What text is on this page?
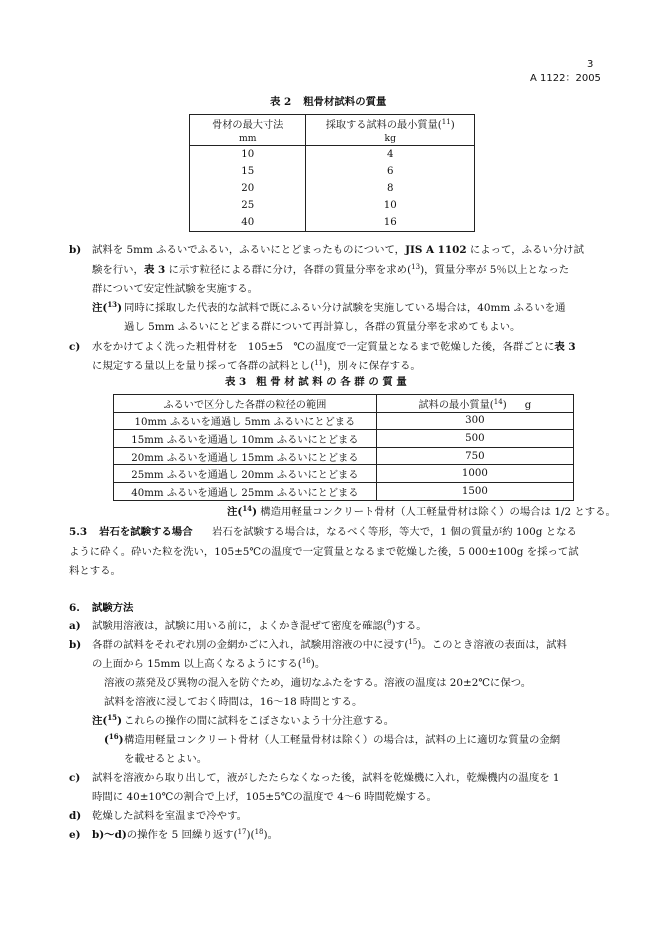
3
A 1122：2005
表 2 粗骨材試料の質量
骨材の最大寸法	採取する試料の最小質量($^{11}$)
mm	kg
10	4
15	6
20	8
25	10
40	16
b) 試料を 5mm ふるいでふるい，ふるいにとどまったものについて，JIS A 1102 によって，ふるい分け試
験を行い，表 3 に示す粒径による群に分け，各群の質量分率を求め($^{13}$)，質量分率が 5％以上となった
群について安定性試験を実施する。
注($^{13}$) 同時に採取した代表的な試料で既にふるい分け試験を実施している場合は，40mm ふるいを通
過し 5mm ふるいにとどまる群について再計算し，各群の質量分率を求めてもよい。
c) 水をかけてよく洗った粗骨材を　105±5　℃の温度で一定質量となるまで乾燥した後，各群ごとに表 3
に規定する量以上を量り採って各群の試料とし($^{11}$)，別々に保存する。
表 3 粗 骨 材 試 料 の 各 群 の 質 量
ふるいで区分した各群の粒径の範囲	試料の最小質量($^{14}$) g
10mm ふるいを通過し 5mm ふるいにとどまる	300
15mm ふるいを通過し 10mm ふるいにとどまる	500
20mm ふるいを通過し 15mm ふるいにとどまる	750
25mm ふるいを通過し 20mm ふるいにとどまる	1000
40mm ふるいを通過し 25mm ふるいにとどまる	1500
注($^{14}$) 構造用軽量コンクリート骨材（人工軽量骨材は除く）の場合は 1/2 とする。
5.3 岩石を試験する場合 岩石を試験する場合は，なるべく等形，等大で，1 個の質量が約 100g となる
ように砕く。砕いた粒を洗い，105±5℃の温度で一定質量となるまで乾燥した後，5 000±100g を採って試
料とする。
6. 試験方法
a) 試験用溶液は，試験に用いる前に，よくかき混ぜて密度を確認($^9$)する。
b) 各群の試料をそれぞれ別の金網かごに入れ，試験用溶液の中に浸す($^{15}$)。このとき溶液の表面は，試料
の上面から 15mm 以上高くなるようにする($^{16}$)。
溶液の蒸発及び異物の混入を防ぐため，適切なふたをする。溶液の温度は 20±2℃に保つ。
試料を溶液に浸しておく時間は，16～18 時間とする。
注($^{15}$) これらの操作の間に試料をこぼさないよう十分注意する。
($^{16}$) 構造用軽量コンクリート骨材（人工軽量骨材は除く）の場合は，試料の上に適切な質量の金網
を載せるとよい。
c) 試料を溶液から取り出して，液がしたたらなくなった後，試料を乾燥機に入れ，乾燥機内の温度を 1
時間に 40±10℃の割合で上げ，105±5℃の温度で 4～6 時間乾燥する。
d) 乾燥した試料を室温まで冷やす。
e) b)～d)の操作を 5 回繰り返す($^{17}$)($^{18}$)。
